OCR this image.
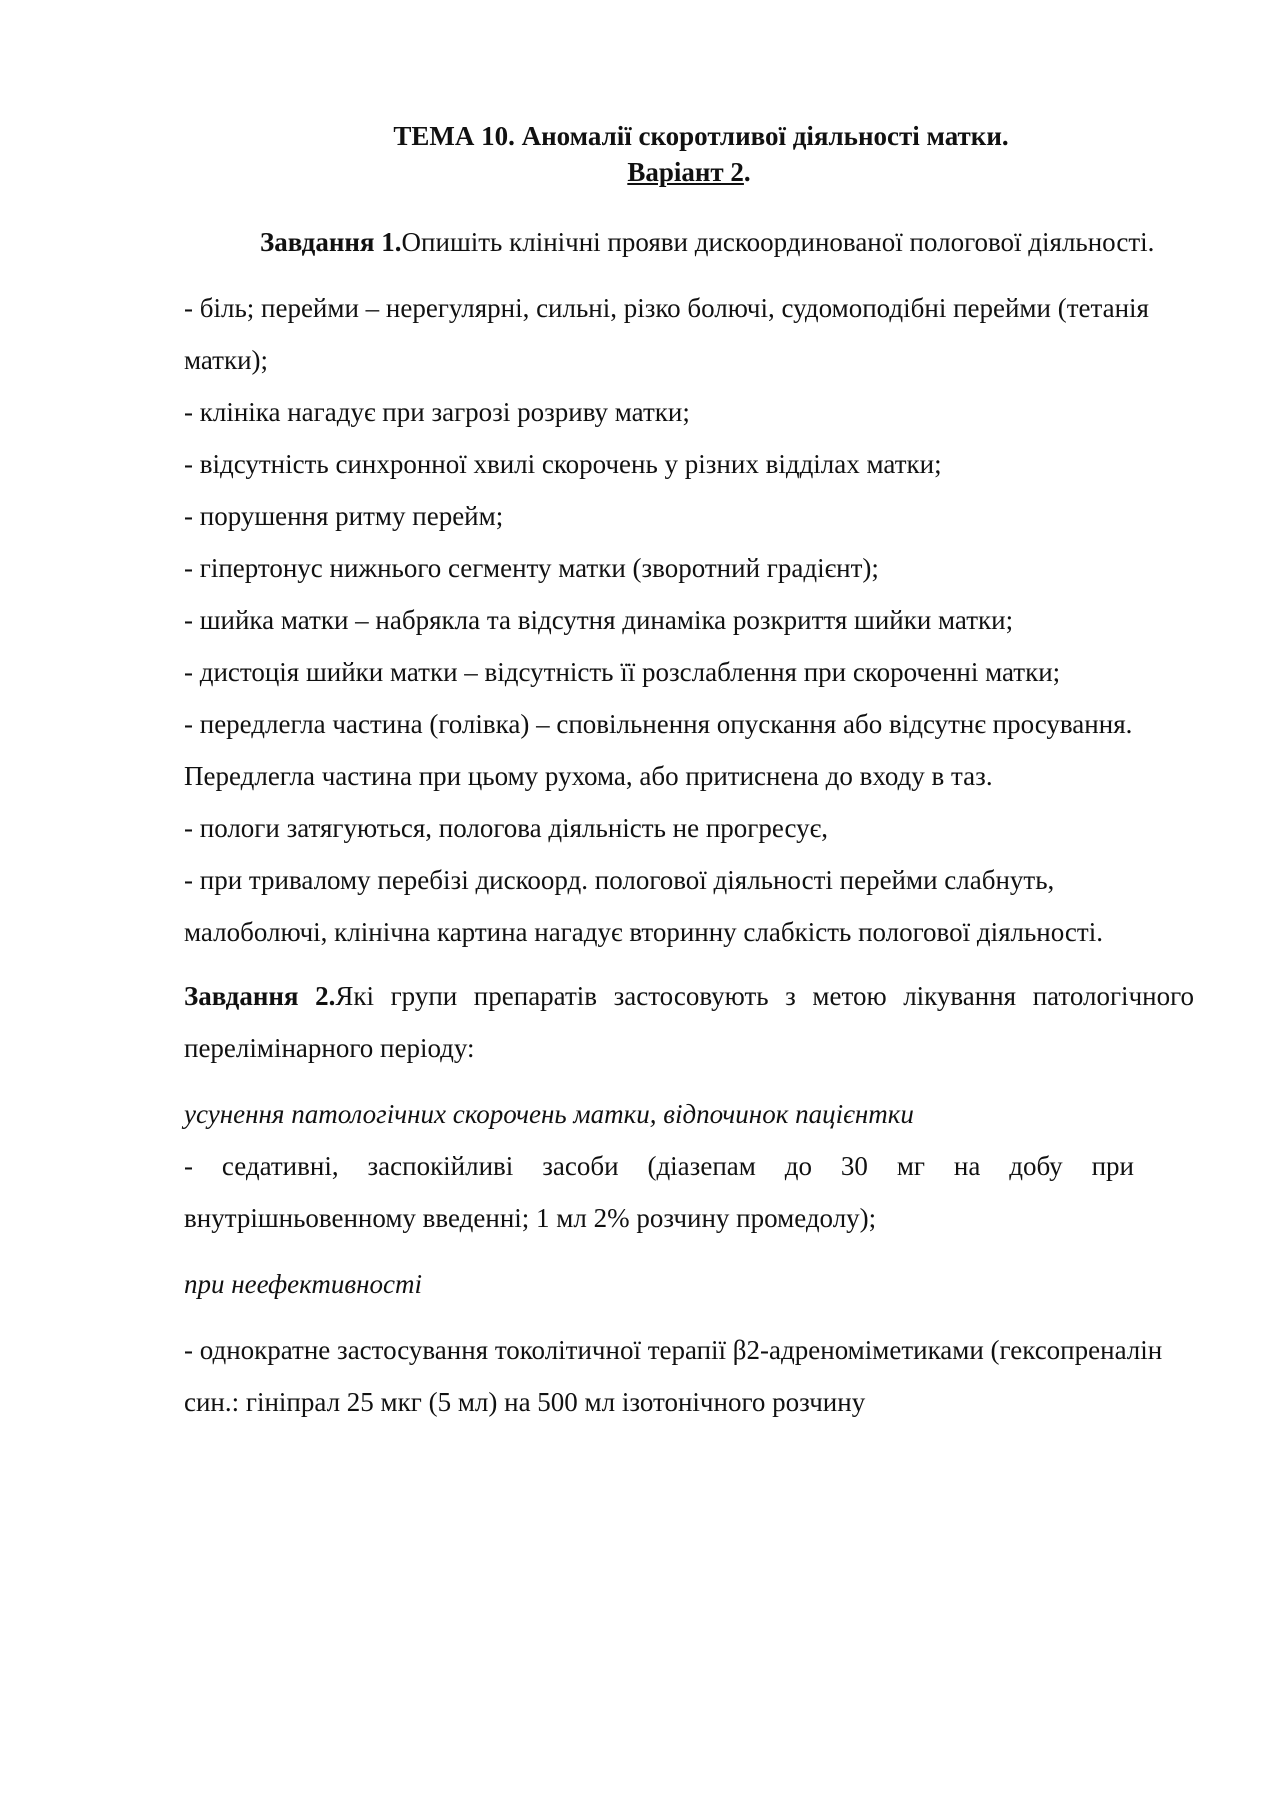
ТЕМА 10. Аномалії скоротливої діяльності матки.
Варіант 2.

Завдання 1.Опишіть клінічні прояви дискоординованої пологової діяльності.

- біль; перейми – нерегулярні, сильні, різко болючі, судомоподібні перейми (тетанія матки);

- клініка нагадує при загрозі розриву матки;

- відсутність синхронної хвилі скорочень у різних відділах матки;

- порушення ритму перейм;

- гіпертонус нижнього сегменту матки (зворотний градієнт);

- шийка матки – набрякла та відсутня динаміка розкриття шийки матки;

- дистоція шийки матки – відсутність її розслаблення при скороченні матки;

- передлегла частина (голівка) – сповільнення опускання або відсутнє просування. Передлегла частина при цьому рухома, або притиснена до входу в таз.

- пологи затягуються, пологова діяльність не прогресує,

- при тривалому перебізі дискоорд. пологової діяльності перейми слабнуть, малоболючі, клінічна картина нагадує вторинну слабкість пологової діяльності.

Завдання 2.Які групи препаратів застосовують з метою лікування патологічного перелімінарного періоду:

усунення патологічних скорочень матки, відпочинок пацієнтки

- седативні, заспокійливі засоби (діазепам до 30 мг на добу при внутрішньовенному введенні; 1 мл 2% розчину промедолу);

при неефективності

- однократне застосування токолітичної терапії β2-адреноміметиками (гексопреналін син.: гініпрал 25 мкг (5 мл) на 500 мл ізотонічного розчину
